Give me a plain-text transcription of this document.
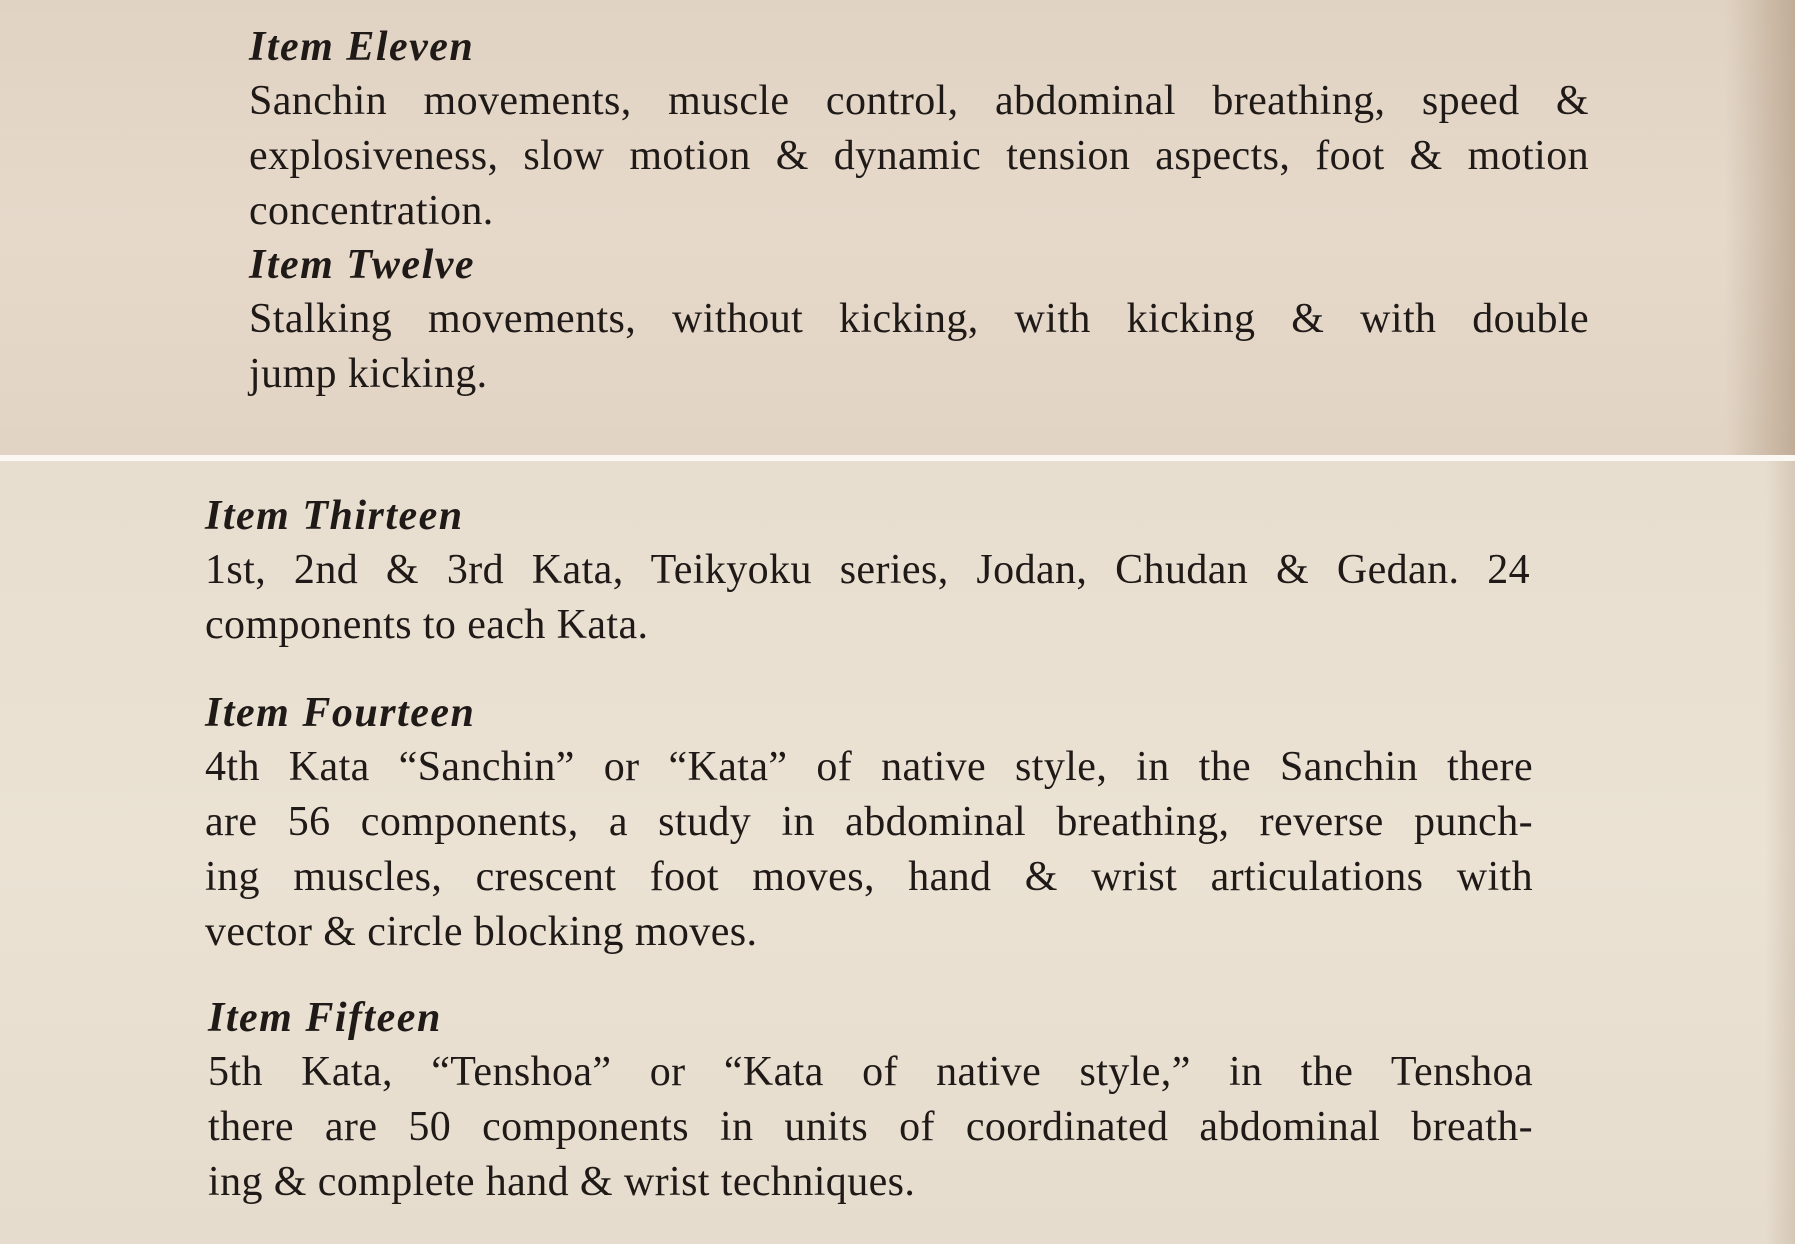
Item Eleven

Sanchin movements, muscle control, abdominal breathing, speed &
explosiveness, slow motion & dynamic tension aspects, foot & motion
concentration.

Item Twelve

Stalking movements, without kicking, with kicking & with double
jump kicking.

Item Thirteen

1st, 2nd & 3rd Kata, Teikyoku series, Jodan, Chudan & Gedan. 24
components to each Kata.

Item Fourteen

4th Kata “Sanchin” or “Kata” of native style, in the Sanchin there
are 56 components, a study in abdominal breathing, reverse punch-
ing muscles, crescent foot moves, hand & wrist articulations with
vector & circle blocking moves.

Item Fifteen

5th Kata, “Tenshoa” or “Kata of native style,” in the Tenshoa
there are 50 components in units of coordinated abdominal breath-
ing & complete hand & wrist techniques.
